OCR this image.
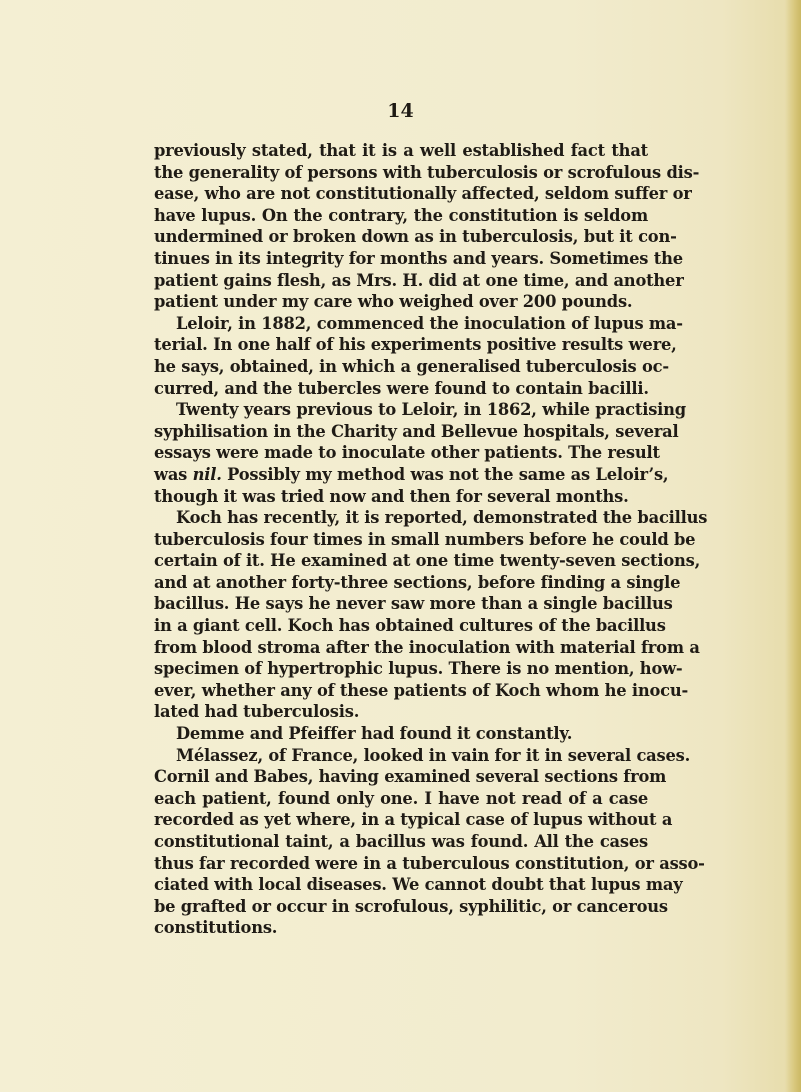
14
previously stated, that it is a well established fact that
the generality of persons with tuberculosis or scrofulous dis-
ease, who are not constitutionally affected, seldom suffer or
have lupus. On the contrary, the constitution is seldom
undermined or broken down as in tuberculosis, but it con-
tinues in its integrity for months and years. Sometimes the
patient gains flesh, as Mrs. H. did at one time, and another
patient under my care who weighed over 200 pounds.
Leloir, in 1882, commenced the inoculation of lupus ma-
terial. In one half of his experiments positive results were,
he says, obtained, in which a generalised tuberculosis oc-
curred, and the tubercles were found to contain bacilli.
Twenty years previous to Leloir, in 1862, while practising
syphilisation in the Charity and Bellevue hospitals, several
essays were made to inoculate other patients. The result
was nil. Possibly my method was not the same as Leloir’s,
though it was tried now and then for several months.
Koch has recently, it is reported, demonstrated the bacillus
tuberculosis four times in small numbers before he could be
certain of it. He examined at one time twenty-seven sections,
and at another forty-three sections, before finding a single
bacillus. He says he never saw more than a single bacillus
in a giant cell. Koch has obtained cultures of the bacillus
from blood stroma after the inoculation with material from a
specimen of hypertrophic lupus. There is no mention, how-
ever, whether any of these patients of Koch whom he inocu-
lated had tuberculosis.
Demme and Pfeiffer had found it constantly.
Mélassez, of France, looked in vain for it in several cases.
Cornil and Babes, having examined several sections from
each patient, found only one. I have not read of a case
recorded as yet where, in a typical case of lupus without a
constitutional taint, a bacillus was found. All the cases
thus far recorded were in a tuberculous constitution, or asso-
ciated with local diseases. We cannot doubt that lupus may
be grafted or occur in scrofulous, syphilitic, or cancerous
constitutions.
